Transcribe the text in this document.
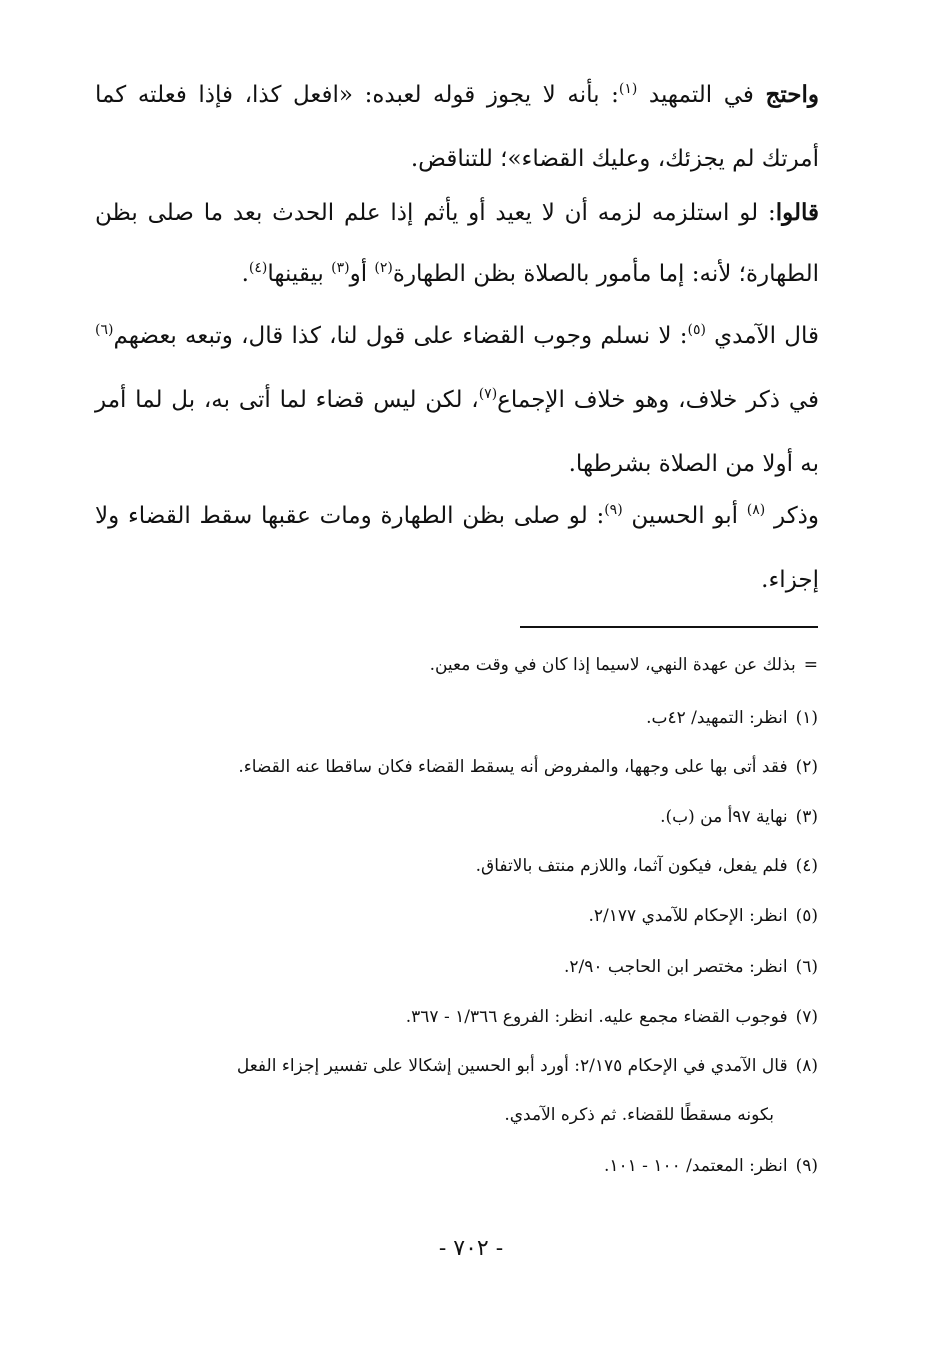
واحتج في التمهيد $^{(١)}$: بأنه لا يجوز قوله لعبده: «افعل كذا، فإذا فعلته كما أمرتك لم يجزئك، وعليك القضاء»؛ للتناقض.

قالوا: لو استلزمه لزمه أن لا يعيد أو يأثم إذا علم الحدث بعد ما صلى بظن الطهارة؛ لأنه: إما مأمور بالصلاة بظن الطهارة$^{(٢)}$ أو$^{(٣)}$ بيقينها$^{(٤)}$.

قال الآمدي $^{(٥)}$: لا نسلم وجوب القضاء على قول لنا، كذا قال، وتبعه بعضهم$^{(٦)}$ في ذكر خلاف، وهو خلاف الإجماع$^{(٧)}$، لكن ليس قضاء لما أتى به، بل لما أمر به أولا من الصلاة بشرطها.

وذكر $^{(٨)}$ أبو الحسين $^{(٩)}$: لو صلى بظن الطهارة ومات عقبها سقط القضاء ولا إجزاء.

=بذلك عن عهدة النهي، لاسيما إذا كان في وقت معين.

(١)انظر: التمهيد/ ٤٢ب.

(٢)فقد أتى بها على وجهها، والمفروض أنه يسقط القضاء فكان ساقطا عنه القضاء.

(٣)نهاية ٩٧أ من (ب).

(٤)فلم يفعل، فيكون آثما، واللازم منتف بالاتفاق.

(٥)انظر: الإحكام للآمدي ٢/١٧٧.

(٦)انظر: مختصر ابن الحاجب ٢/٩٠.

(٧)فوجوب القضاء مجمع عليه. انظر: الفروع ١/٣٦٦ - ٣٦٧.

(٨)قال الآمدي في الإحكام ٢/١٧٥: أورد أبو الحسين إشكالا على تفسير إجزاء الفعل

بكونه مسقطًا للقضاء. ثم ذكره الآمدي.

(٩)انظر: المعتمد/ ١٠٠ - ١٠١.

- ٧٠٢ -
